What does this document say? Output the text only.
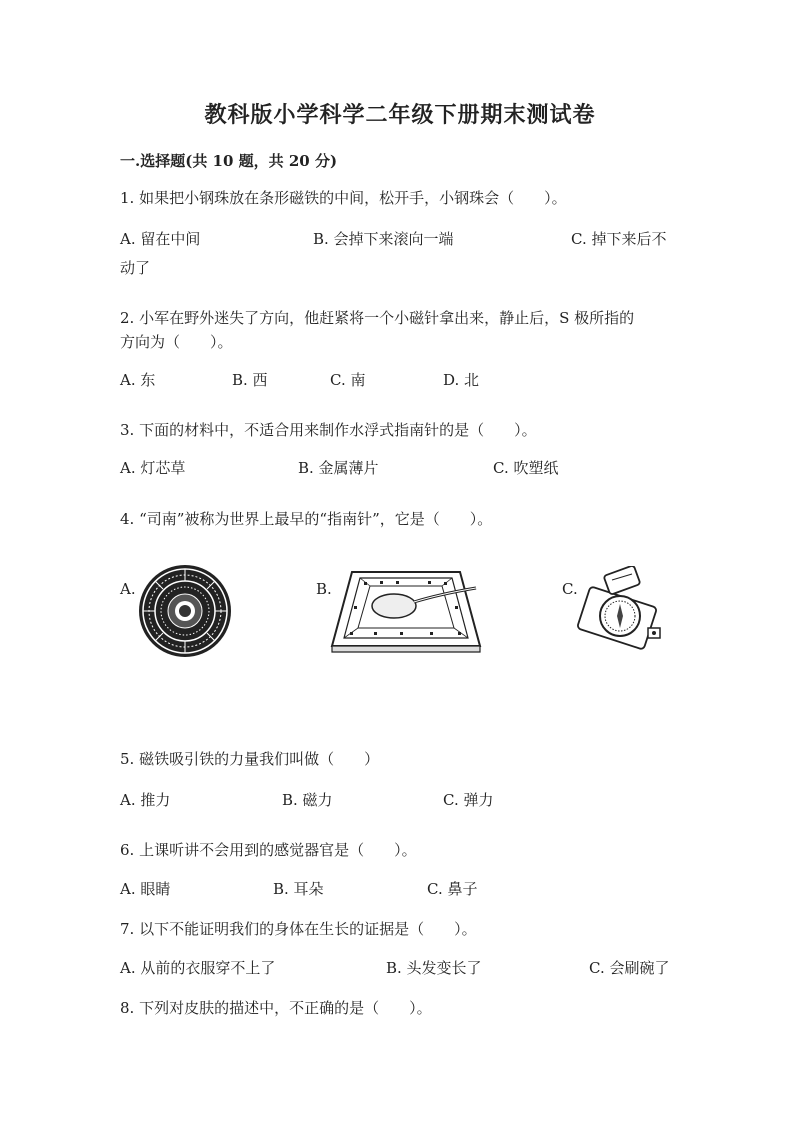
教科版小学科学二年级下册期末测试卷
一.选择题(共 10 题，共 20 分)
1. 如果把小钢珠放在条形磁铁的中间，松开手，小钢珠会（　　）。
A. 留在中间	B. 会掉下来滚向一端	C. 掉下来后不
动了
2. 小军在野外迷失了方向，他赶紧将一个小磁针拿出来，静止后，S 极所指的
方向为（　　）。
A. 东	B. 西	C. 南	D. 北
3. 下面的材料中，不适合用来制作水浮式指南针的是（　　）。
A. 灯芯草	B. 金属薄片	C. 吹塑纸
4. “司南”被称为世界上最早的“指南针”，它是（　　）。
A.	B.	C.
5. 磁铁吸引铁的力量我们叫做（　　）
A. 推力	B. 磁力	C. 弹力
6. 上课听讲不会用到的感觉器官是（　　）。
A. 眼睛	B. 耳朵	C. 鼻子
7. 以下不能证明我们的身体在生长的证据是（　　）。
A. 从前的衣服穿不上了	B. 头发变长了	C. 会刷碗了
8. 下列对皮肤的描述中，不正确的是（　　）。
